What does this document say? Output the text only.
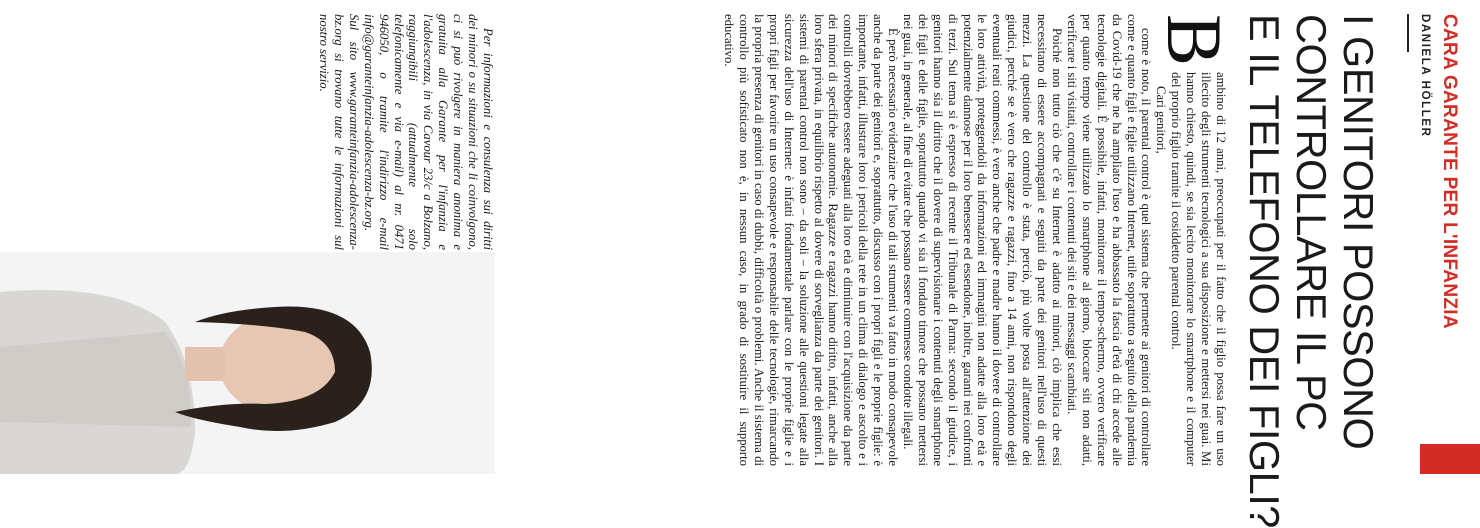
CARA GARANTE PER L'INFANZIA
DANIELA HÖLLER
I GENITORI POSSONO
CONTROLLARE IL PC
E IL TELEFONO DEI FIGLI?

B
ambino di 12 anni, preoccupati per il fatto che il figlio possa fare un uso illecito degli strumenti tecnologici a sua disposizione e mettersi nei guai. Mi hanno chiesto, quindi, se sia lecito monitorare lo smartphone e il computer del proprio figlio tramite il cosiddetto parental control.

Cari genitori,

come è noto, il parental control è quel sistema che permette ai genitori di controllare come e quanto figli e figlie utilizzano Internet, utile soprattutto a seguito della pandemia da Covid-19 che ne ha ampliato l'uso e ha abbassato la fascia d'età di chi accede alle tecnologie digitali. È possibile, infatti, monitorare il tempo-schermo, ovvero verificare per quanto tempo viene utilizzato lo smartphone al giorno, bloccare siti non adatti, verificare i siti visitati, controllare i contenuti dei siti e dei messaggi scambiati.

Poiché non tutto ciò che c'è su Internet è adatto ai minori, ciò implica che essi necessitano di essere accompagnati e seguiti da parte dei genitori nell'uso di questi mezzi. La questione del controllo è stata, perciò, più volte posta all'attenzione dei giudici, perché se è vero che ragazze e ragazzi, fino a 14 anni, non rispondono degli eventuali reati commessi, è vero anche che padre e madre hanno il dovere di controllare le loro attività, proteggendoli da informazioni ed immagini non adatte alla loro età e potenzialmente dannose per il loro benessere ed essendone, inoltre, garanti nei confronti di terzi. Sul tema si è espresso di recente il Tribunale di Parma: secondo il giudice, i genitori hanno sia il diritto che il dovere di supervisionare i contenuti degli smartphone dei figli e delle figlie, soprattutto quando vi sia il fondato timore che possano mettersi nei guai, in generale, al fine di evitare che possano essere commesse condotte illegali.

È però necessario evidenziare che l'uso di tali strumenti va fatto in modo consapevole anche da parte dei genitori e, soprattutto, discusso con i propri figli e le proprie figlie: è importante, infatti, illustrare loro i pericoli della rete in un clima di dialogo e ascolto e i controlli dovrebbero essere adeguati alla loro età e diminuire con l'acquisizione da parte dei minori di specifiche autonomie. Ragazze e ragazzi hanno diritto, infatti, anche alla loro sfera privata, in equilibrio rispetto al dovere di sorveglianza da parte dei genitori. I sistemi di parental control non sono – da soli – la soluzione alle questioni legate alla sicurezza dell'uso di Internet: è infatti fondamentale parlare con le proprie figlie e i propri figli per favorire un uso consapevole e responsabile delle tecnologie, rimarcando la propria presenza di genitori in caso di dubbi, difficoltà o problemi. Anche il sistema di controllo più sofisticato non è, in nessun caso, in grado di sostituire il supporto educativo.

Per informazioni e consulenza sui diritti dei minori o su situazioni che li coinvolgono, ci si può rivolgere in maniera anonima e gratuita alla Garante per l'infanzia e l'adolescenza, in via Cavour 23/c a Bolzano, raggiungibili (attualmente solo telefonicamente e via e-mail) al nr. 0471 946050, o tramite l'indirizzo e-mail info@garanteinfanzia-adolescenza-bz.org. Sul sito www.garanteinfanzia-adolescenza-bz.org si trovano tutte le informazioni sul nostro servizio.
